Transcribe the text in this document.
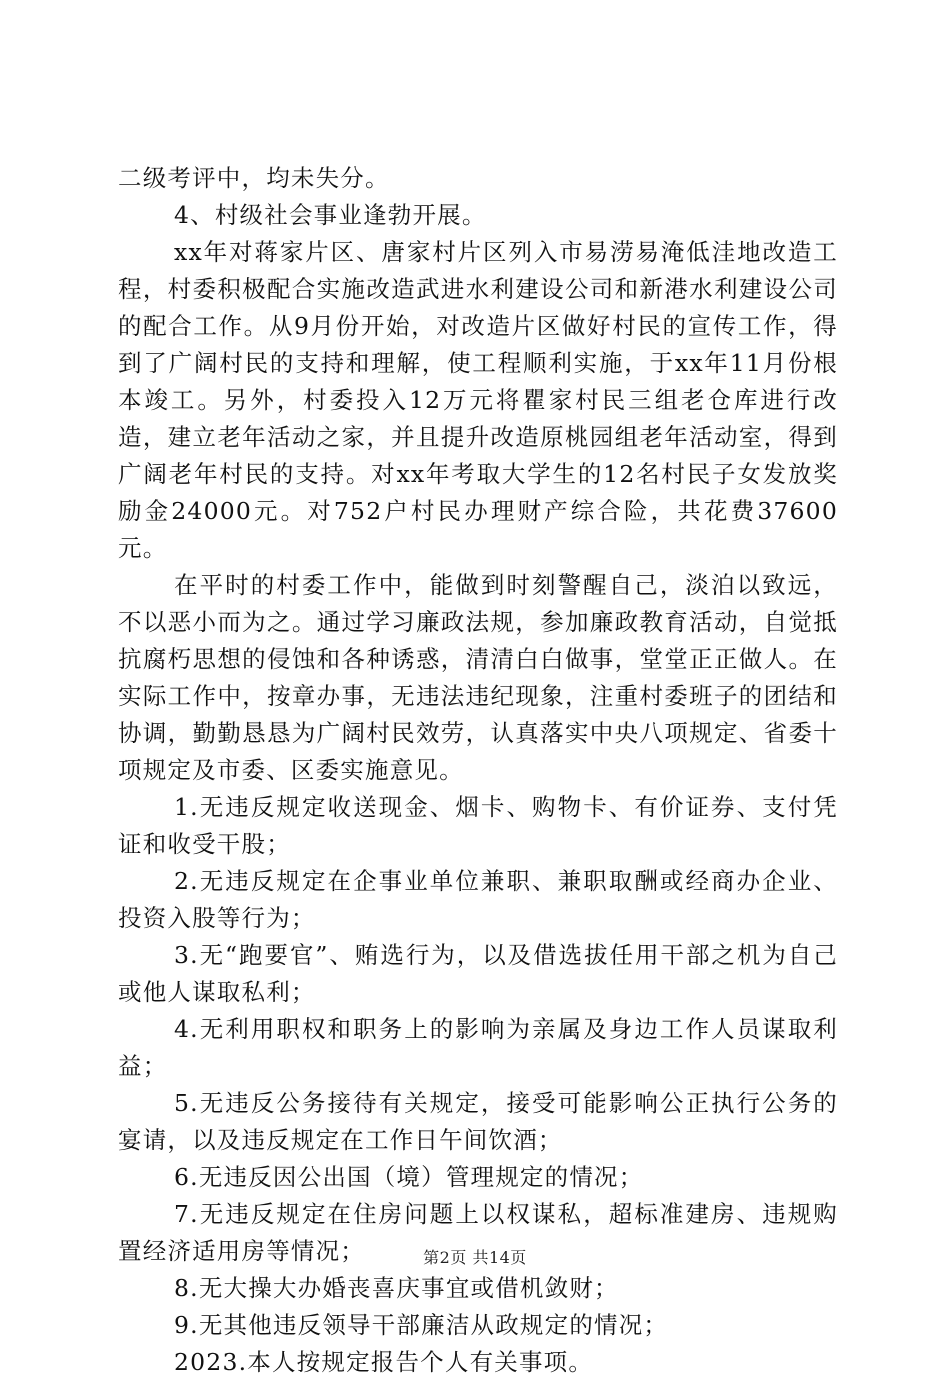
二级考评中，均未失分。

4、村级社会事业逢勃开展。

xx年对蒋家片区、唐家村片区列入市易涝易淹低洼地改造工程，村委积极配合实施改造武进水利建设公司和新港水利建设公司的配合工作。从9月份开始，对改造片区做好村民的宣传工作，得到了广阔村民的支持和理解，使工程顺利实施，于xx年11月份根本竣工。另外，村委投入12万元将瞿家村民三组老仓库进行改造，建立老年活动之家，并且提升改造原桃园组老年活动室，得到广阔老年村民的支持。对xx年考取大学生的12名村民子女发放奖励金24000元。对752户村民办理财产综合险，共花费37600元。

在平时的村委工作中，能做到时刻警醒自己，淡泊以致远，不以恶小而为之。通过学习廉政法规，参加廉政教育活动，自觉抵抗腐朽思想的侵蚀和各种诱惑，清清白白做事，堂堂正正做人。在实际工作中，按章办事，无违法违纪现象，注重村委班子的团结和协调，勤勤恳恳为广阔村民效劳，认真落实中央八项规定、省委十项规定及市委、区委实施意见。

1.无违反规定收送现金、烟卡、购物卡、有价证券、支付凭证和收受干股；

2.无违反规定在企事业单位兼职、兼职取酬或经商办企业、投资入股等行为；

3.无“跑要官”、贿选行为，以及借选拔任用干部之机为自己或他人谋取私利；

4.无利用职权和职务上的影响为亲属及身边工作人员谋取利益；

5.无违反公务接待有关规定，接受可能影响公正执行公务的宴请，以及违反规定在工作日午间饮酒；

6.无违反因公出国（境）管理规定的情况；

7.无违反规定在住房问题上以权谋私，超标准建房、违规购置经济适用房等情况；

8.无大操大办婚丧喜庆事宜或借机敛财；

9.无其他违反领导干部廉洁从政规定的情况；

2023.本人按规定报告个人有关事项。

第2页 共14页
